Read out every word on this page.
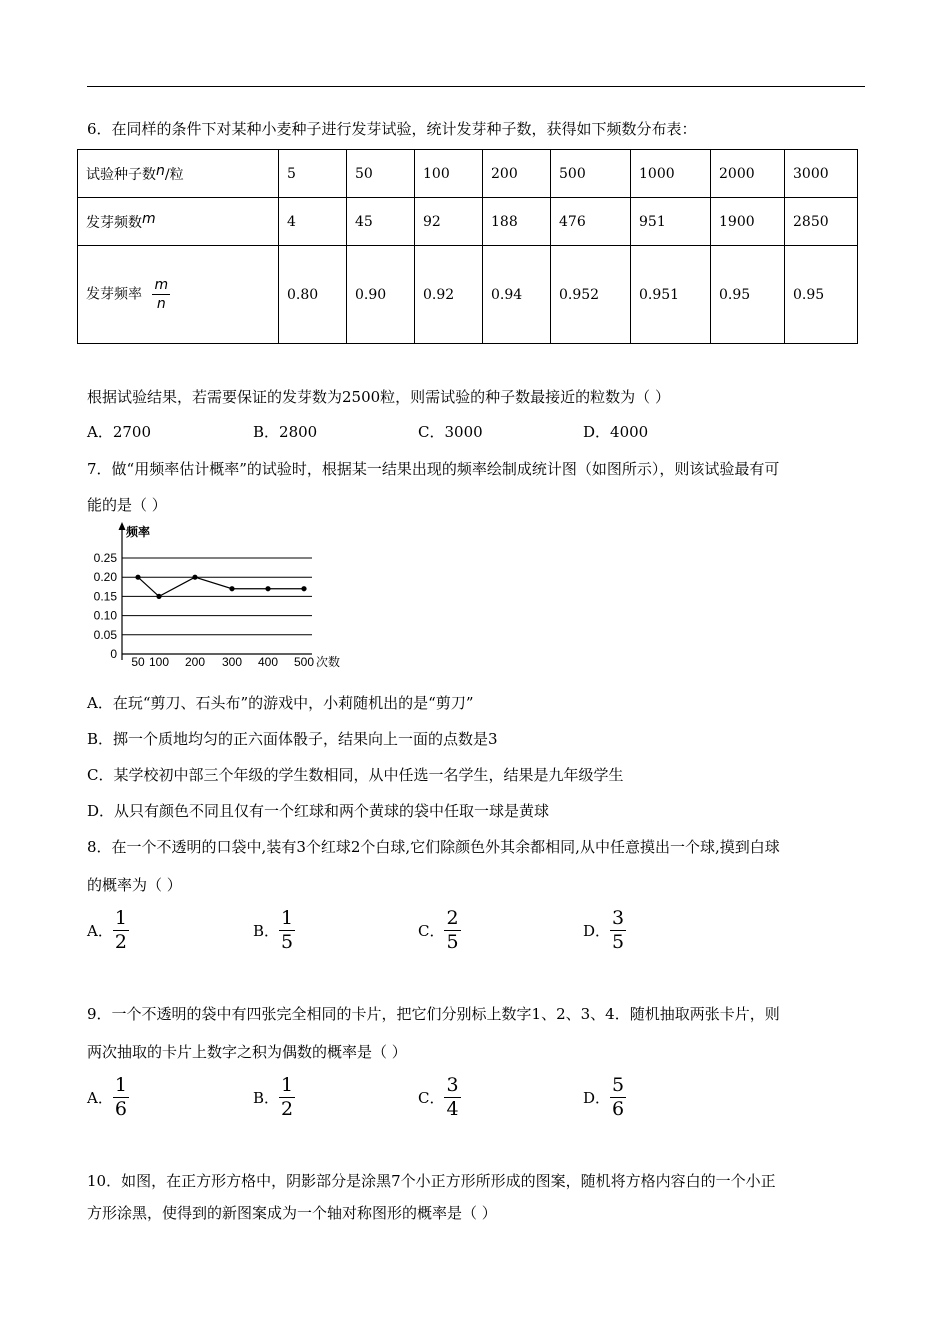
6．在同样的条件下对某种小麦种子进行发芽试验，统计发芽种子数，获得如下频数分布表：
试验种子数n/粒	5	50	100	200	500	1000	2000	3000
发芽频数m	4	45	92	188	476	951	1900	2850
发芽频率 $\frac{m}{n}$	0.80	0.90	0.92	0.94	0.952	0.951	0.95	0.95
根据试验结果，若需要保证的发芽数为2500粒，则需试验的种子数最接近的粒数为（ ）
A．2700	B．2800	C．3000	D．4000
7．做“用频率估计概率”的试验时，根据某一结果出现的频率绘制成统计图（如图所示），则该试验最有可
能的是（ ）
频率
次数
0.25
0.20
0.15
0.10
0.05
0
50 100 200 300 400 500
A．在玩“剪刀、石头布”的游戏中，小莉随机出的是“剪刀”
B．掷一个质地均匀的正六面体骰子，结果向上一面的点数是3
C．某学校初中部三个年级的学生数相同，从中任选一名学生，结果是九年级学生
D．从只有颜色不同且仅有一个红球和两个黄球的袋中任取一球是黄球
8．在一个不透明的口袋中,装有3个红球2个白球,它们除颜色外其余都相同,从中任意摸出一个球,摸到白球
的概率为（ ）
A． $\frac{1}{2}$	B． $\frac{1}{5}$	C． $\frac{2}{5}$	D． $\frac{3}{5}$
9．一个不透明的袋中有四张完全相同的卡片，把它们分别标上数字1、2、3、4．随机抽取两张卡片，则
两次抽取的卡片上数字之积为偶数的概率是（ ）
A． $\frac{1}{6}$	B． $\frac{1}{2}$	C． $\frac{3}{4}$	D． $\frac{5}{6}$
10．如图，在正方形方格中，阴影部分是涂黑7个小正方形所形成的图案，随机将方格内容白的一个小正
方形涂黑，使得到的新图案成为一个轴对称图形的概率是（ ）
